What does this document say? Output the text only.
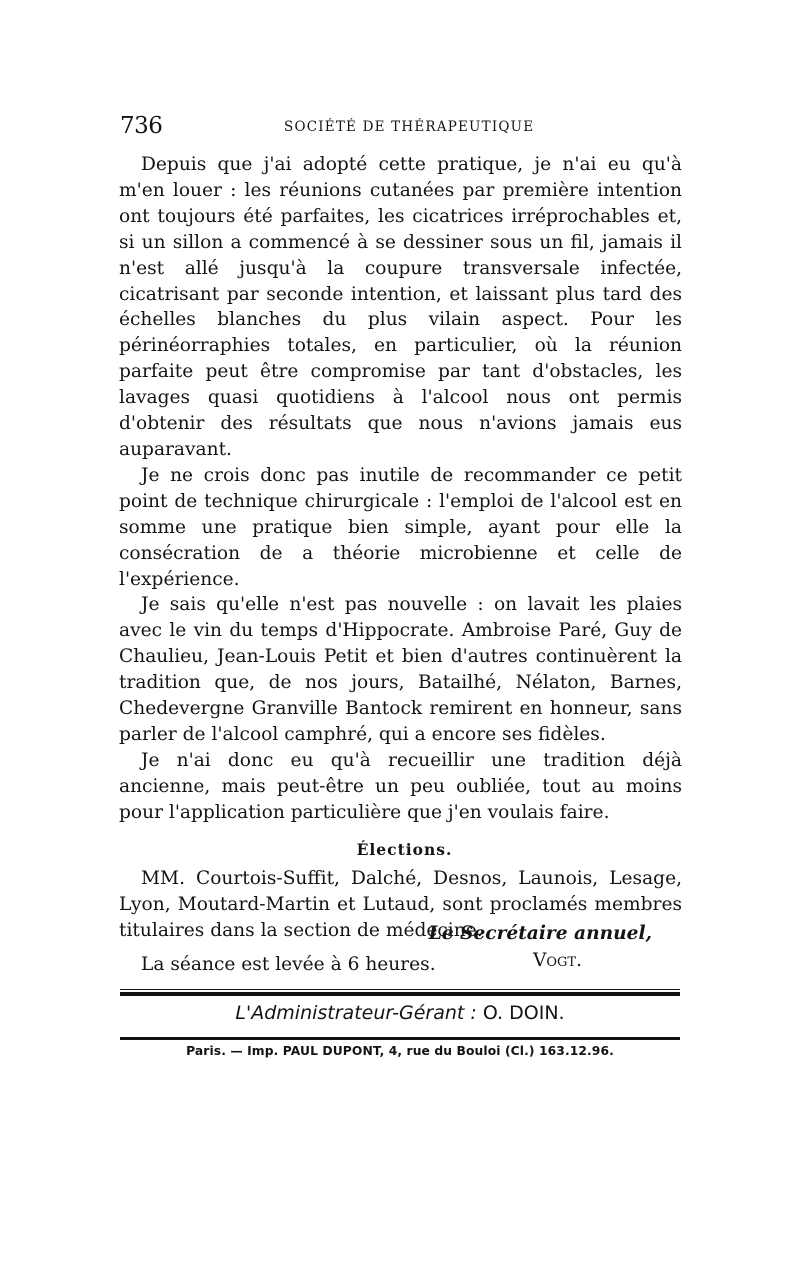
736	SOCIÉTÉ DE THÉRAPEUTIQUE

Depuis que j'ai adopté cette pratique, je n'ai eu qu'à m'en louer : les réunions cutanées par première intention ont toujours été parfaites, les cicatrices irréprochables et, si un sillon a commencé à se dessiner sous un fil, jamais il n'est allé jusqu'à la coupure transversale infectée, cicatrisant par seconde intention, et laissant plus tard des échelles blanches du plus vilain aspect. Pour les périnéorraphies totales, en particulier, où la réunion parfaite peut être compromise par tant d'obstacles, les lavages quasi quotidiens à l'alcool nous ont permis d'obtenir des résultats que nous n'avions jamais eus auparavant.

Je ne crois donc pas inutile de recommander ce petit point de technique chirurgicale : l'emploi de l'alcool est en somme une pratique bien simple, ayant pour elle la consécration de a théorie microbienne et celle de l'expérience.

Je sais qu'elle n'est pas nouvelle : on lavait les plaies avec le vin du temps d'Hippocrate. Ambroise Paré, Guy de Chaulieu, Jean-Louis Petit et bien d'autres continuèrent la tradition que, de nos jours, Batailhé, Nélaton, Barnes, Chedevergne Granville Bantock remirent en honneur, sans parler de l'alcool camphré, qui a encore ses fidèles.

Je n'ai donc eu qu'à recueillir une tradition déjà ancienne, mais peut-être un peu oubliée, tout au moins pour l'application particulière que j'en voulais faire.

Élections.

MM. Courtois-Suffit, Dalché, Desnos, Launois, Lesage, Lyon, Moutard-Martin et Lutaud, sont proclamés membres titulaires dans la section de médecine.

La séance est levée à 6 heures.

Le Secrétaire annuel,
Vogt.
L'Administrateur-Gérant : O. DOIN.
Paris. — Imp. PAUL DUPONT, 4, rue du Bouloi (Cl.) 163.12.96.
